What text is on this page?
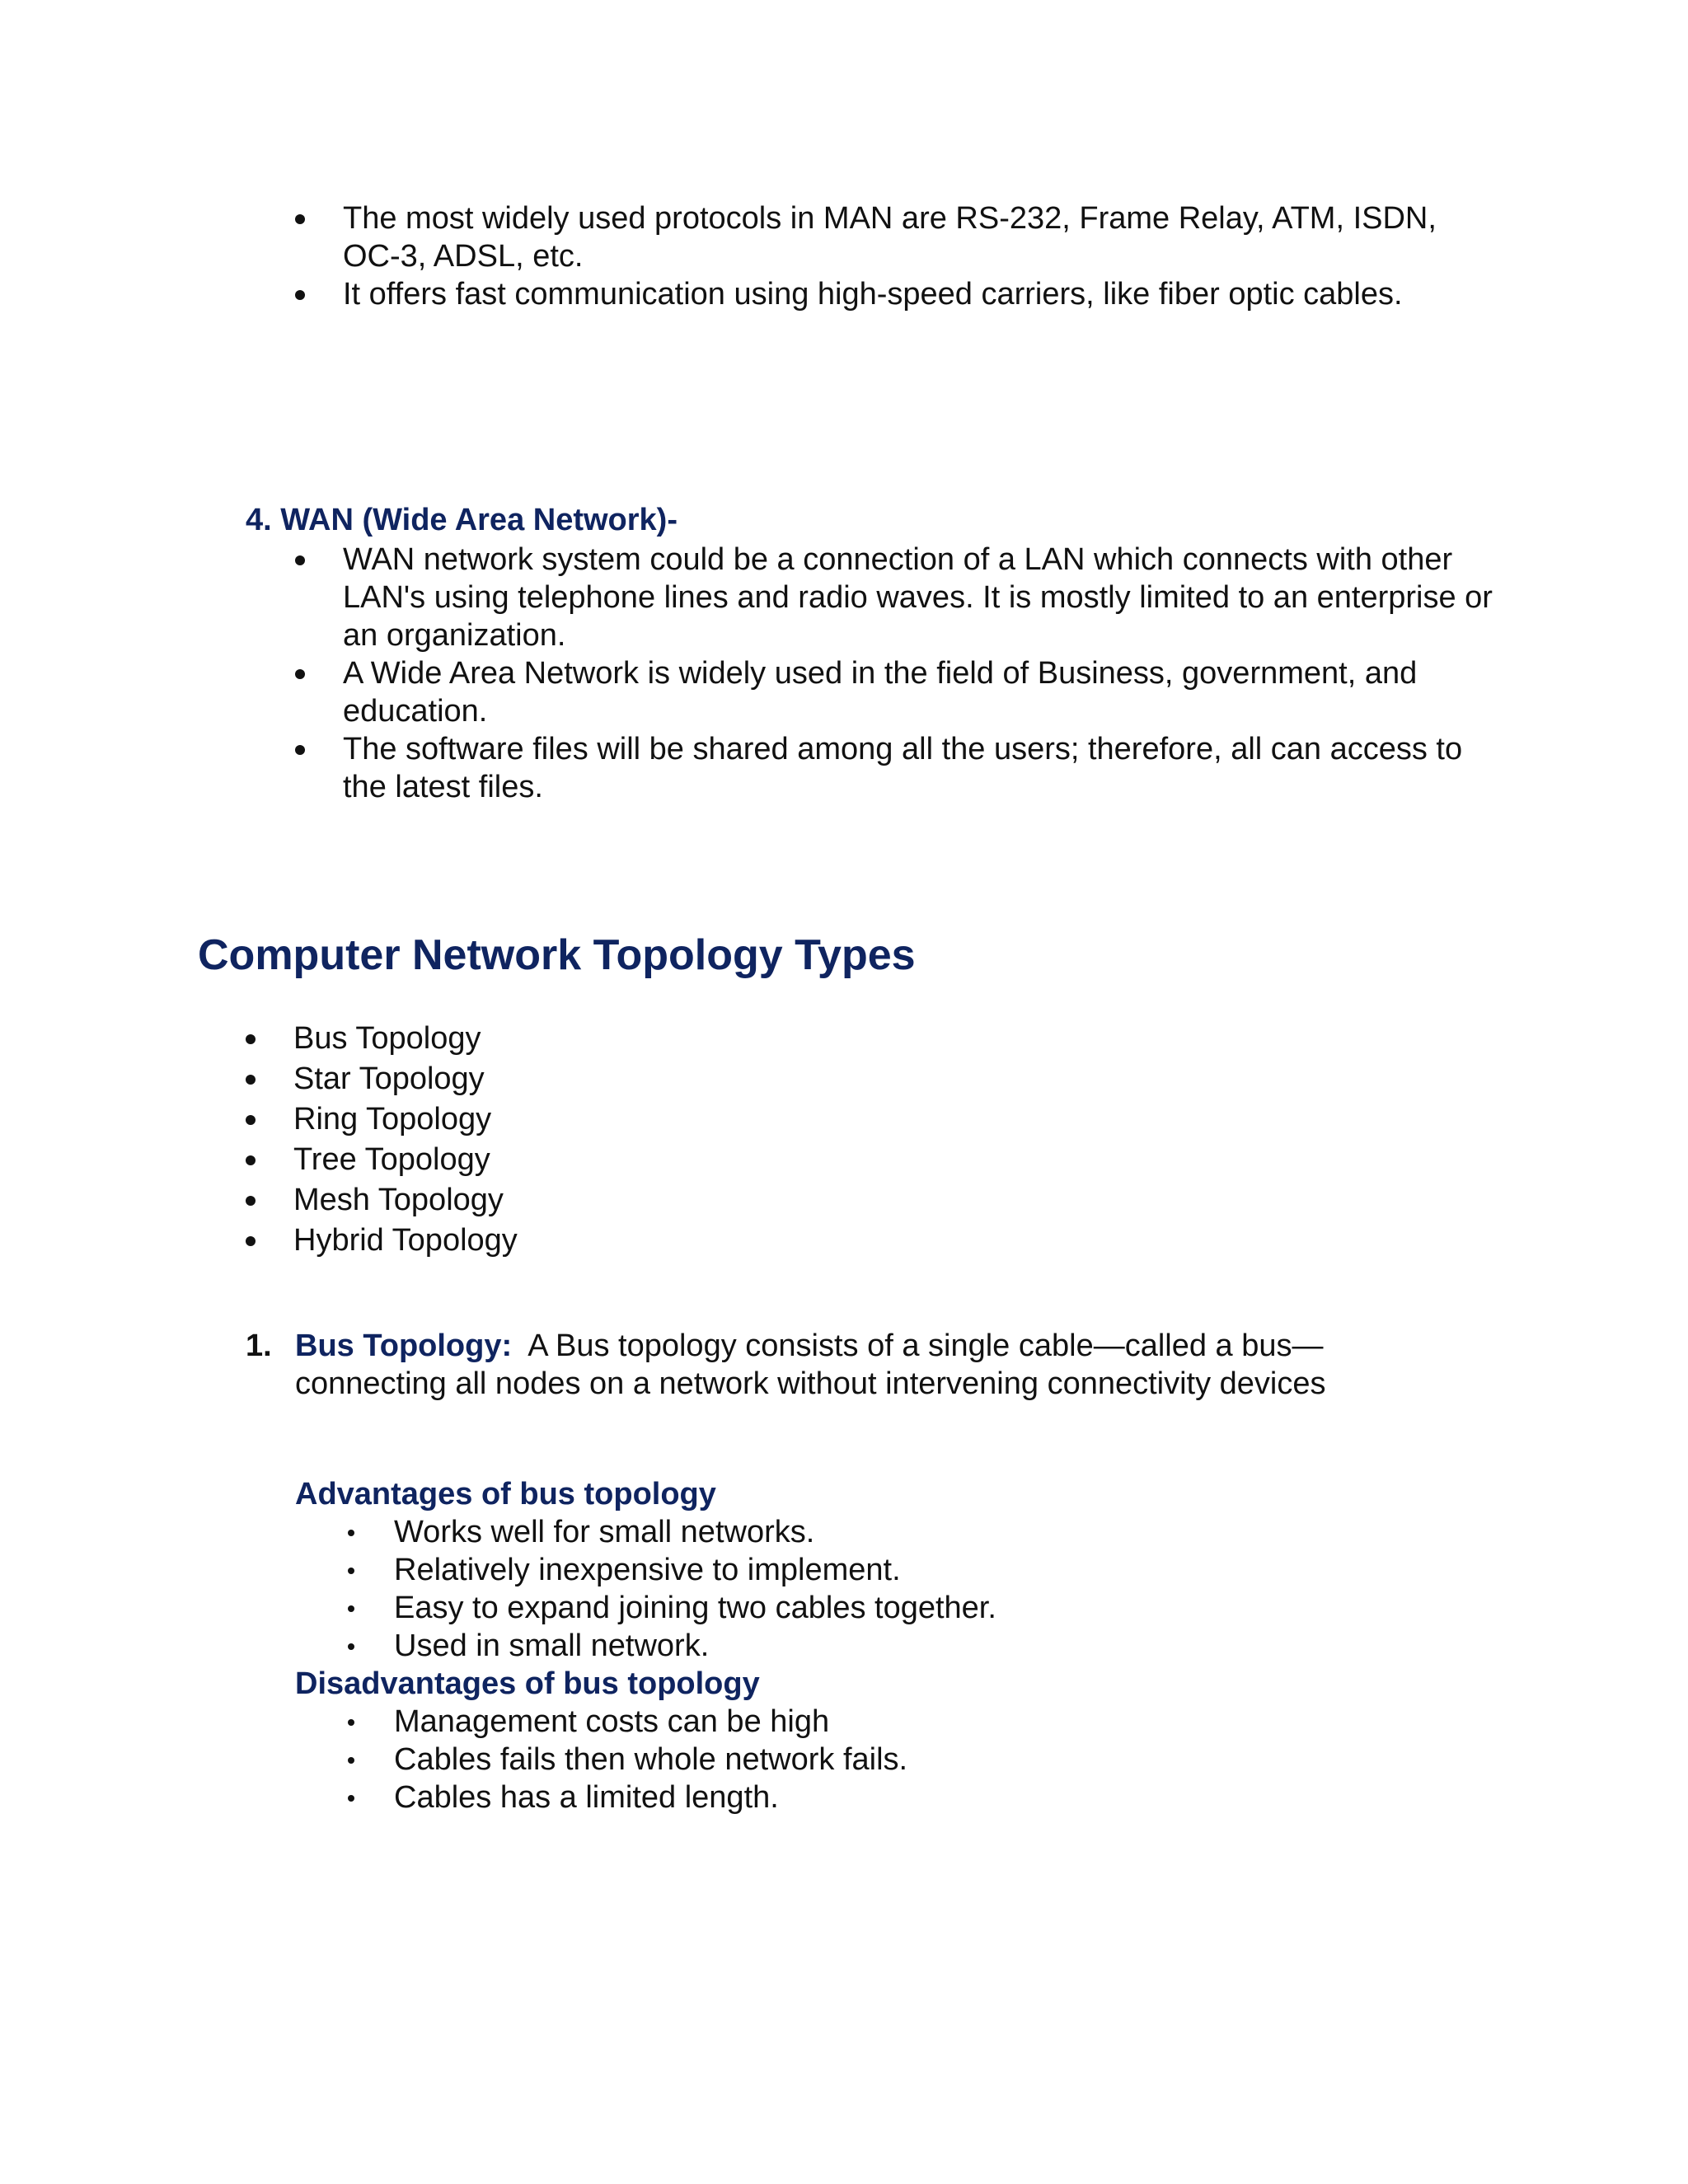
The most widely used protocols in MAN are RS-232, Frame Relay, ATM, ISDN, OC-3, ADSL, etc.
It offers fast communication using high-speed carriers, like fiber optic cables.
4. WAN (Wide Area Network)-
WAN network system could be a connection of a LAN which connects with other LAN's using telephone lines and radio waves. It is mostly limited to an enterprise or an organization.
A Wide Area Network is widely used in the field of Business, government, and education.
The software files will be shared among all the users; therefore, all can access to the latest files.
Computer Network Topology Types
Bus Topology
Star Topology
Ring Topology
Tree Topology
Mesh Topology
Hybrid Topology
1. Bus Topology: A Bus topology consists of a single cable—called a bus— connecting all nodes on a network without intervening connectivity devices
Advantages of bus topology
Works well for small networks.
Relatively inexpensive to implement.
Easy to expand joining two cables together.
Used in small network.
Disadvantages of bus topology
Management costs can be high
Cables fails then whole network fails.
Cables has a limited length.
